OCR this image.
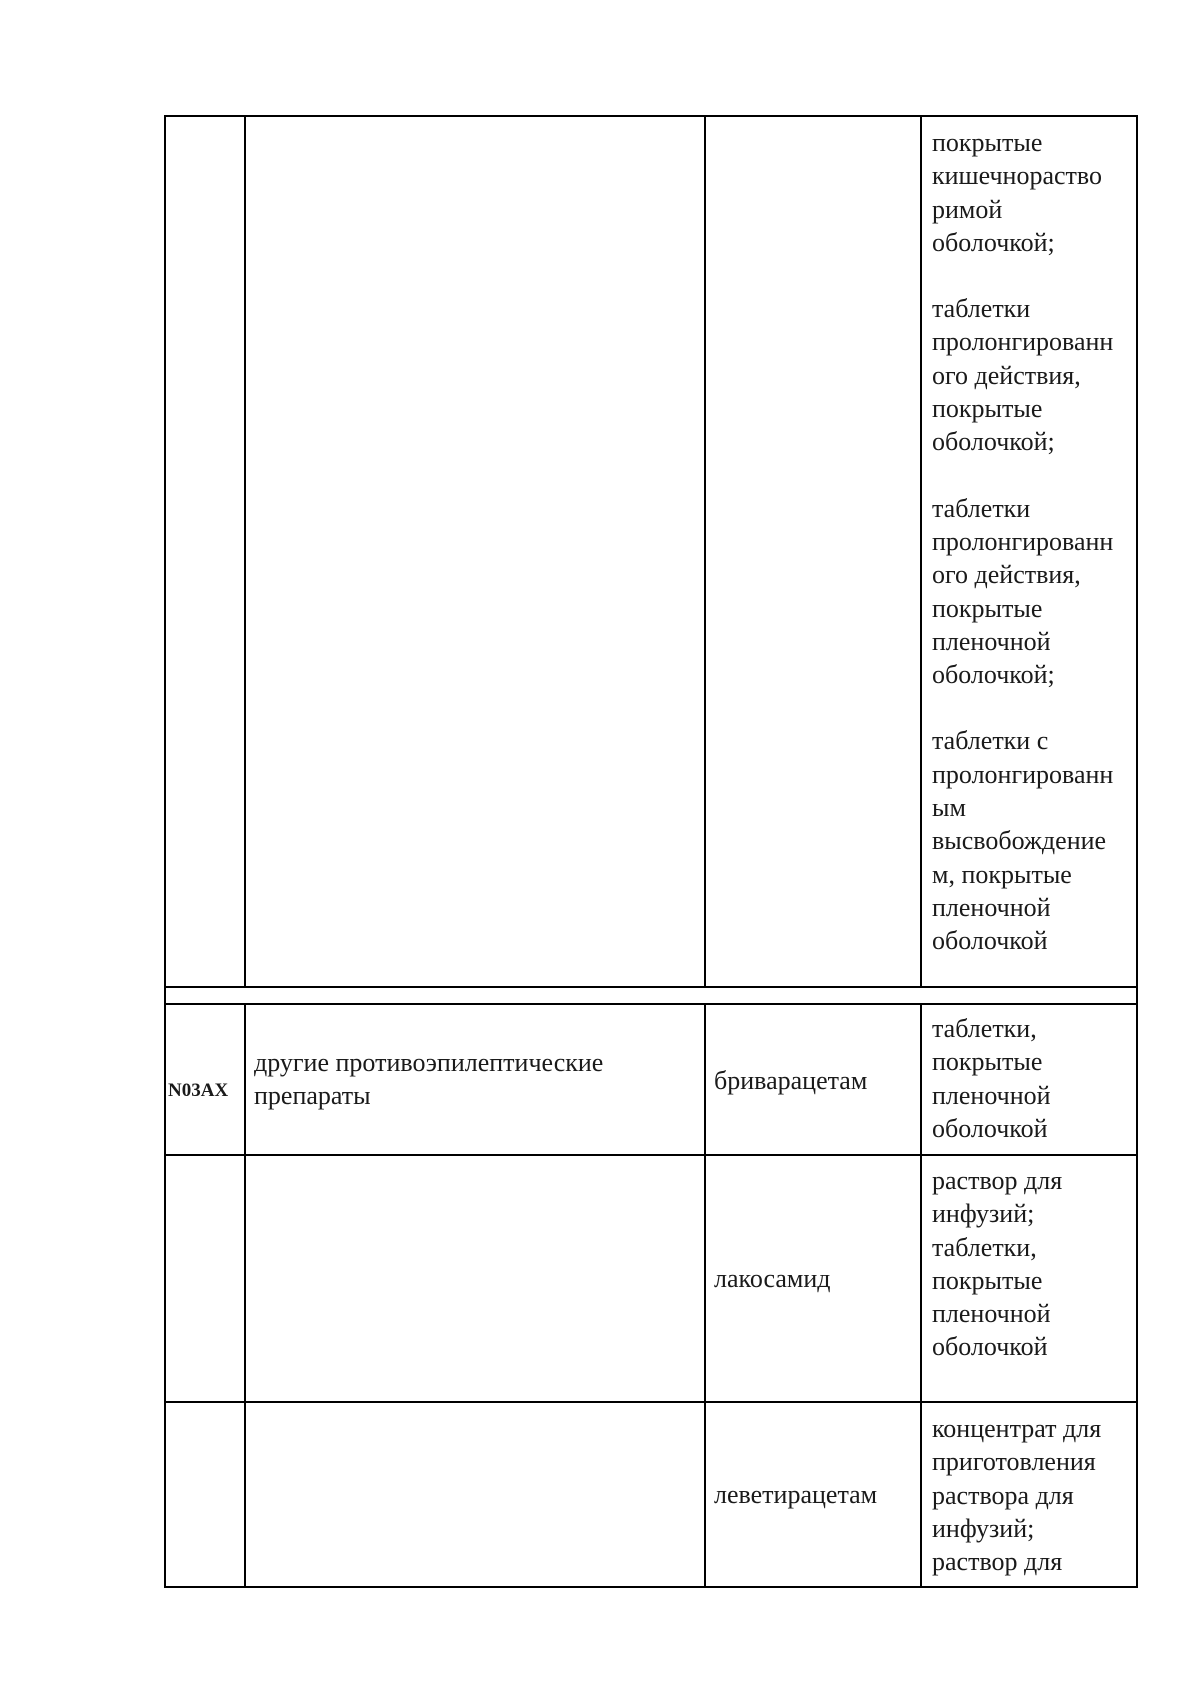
покрытые

кишечнораство

римой

оболочкой;

таблетки

пролонгированн

ого действия,

покрытые

оболочкой;

таблетки

пролонгированн

ого действия,

покрытые

пленочной

оболочкой;

таблетки с

пролонгированн

ым

высвобождение

м, покрытые

пленочной

оболочкой

N03AX
другие противоэпилептические
препараты
бриварацетам

таблетки,

покрытые

пленочной

оболочкой

лакосамид

раствор для

инфузий;

таблетки,

покрытые

пленочной

оболочкой

леветирацетам

концентрат для

приготовления

раствора для

инфузий;

раствор для
